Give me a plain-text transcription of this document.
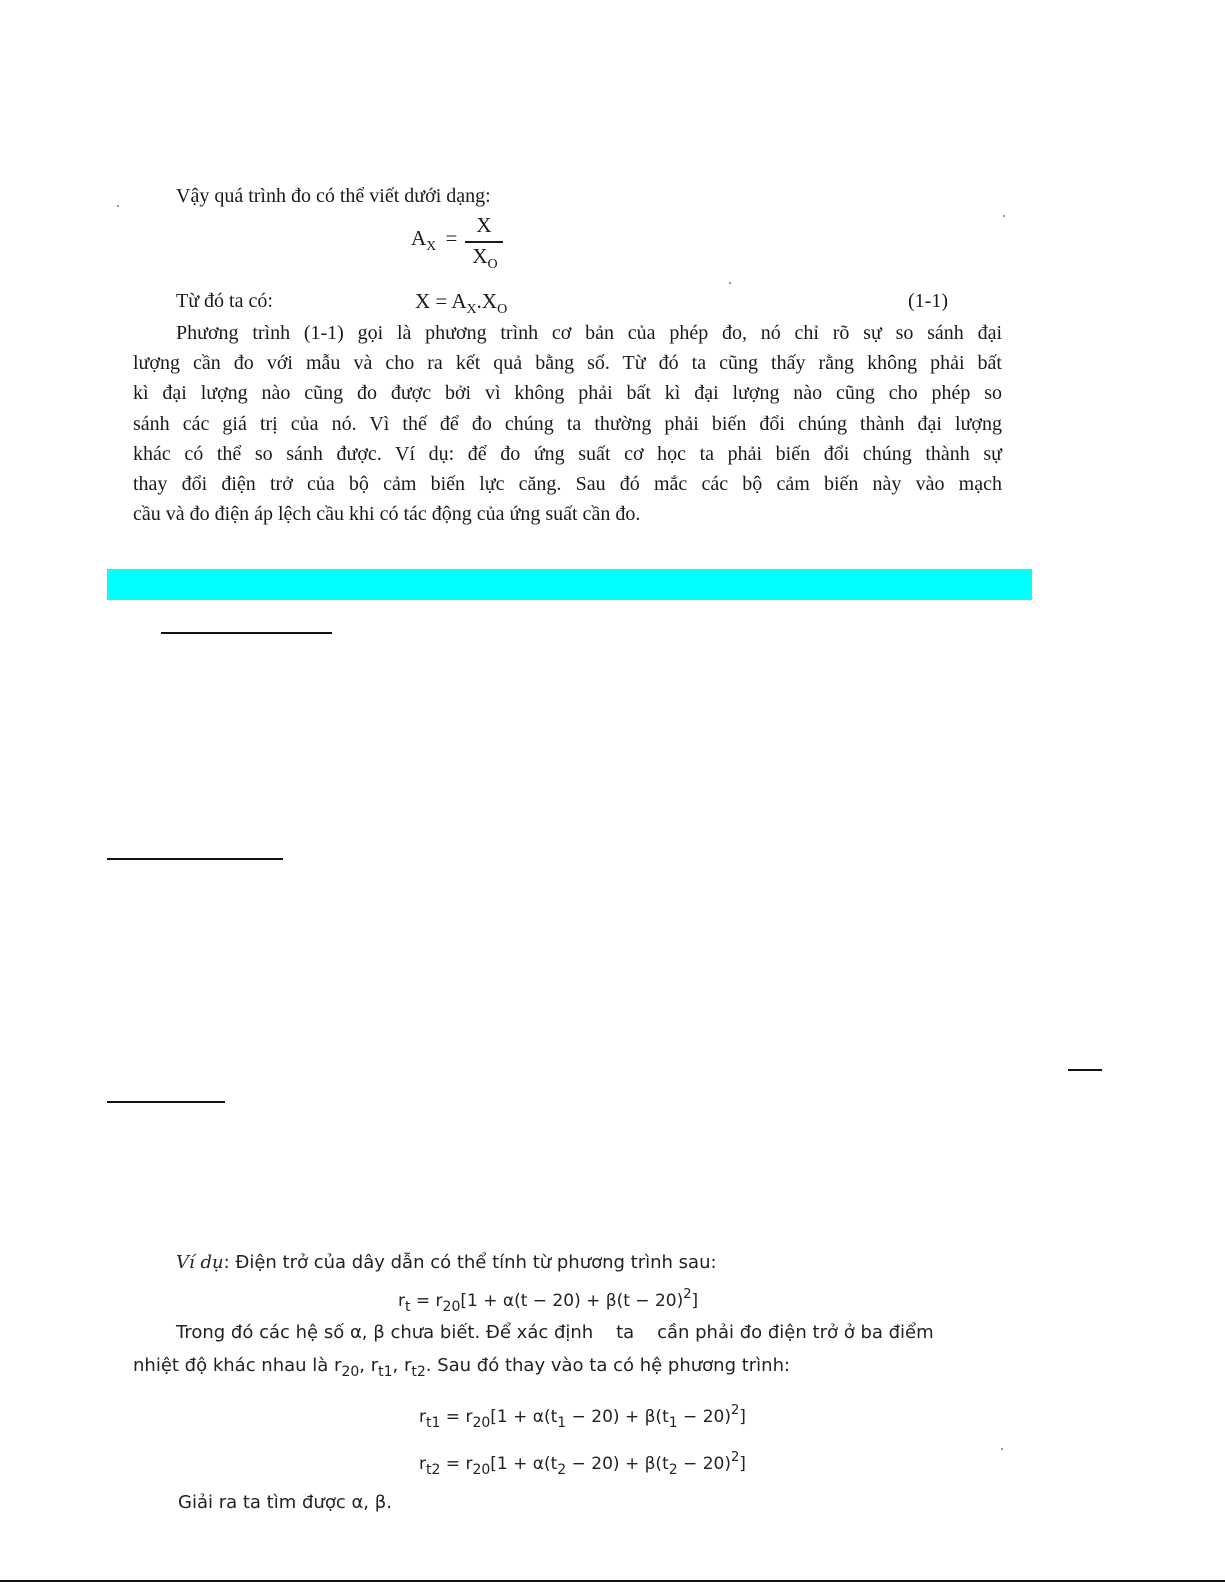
Vậy quá trình đo có thể viết dưới dạng:
$A_X$ =
X
$X_O$
Từ đó ta có:	$X = A_X.X_O$	(1-1)
Phương trình (1-1) gọi là phương trình cơ bản của phép đo, nó chỉ rõ sự so sánh đại
lượng cần đo với mẫu và cho ra kết quả bằng số. Từ đó ta cũng thấy rằng không phải bất
kì đại lượng nào cũng đo được bởi vì không phải bất kì đại lượng nào cũng cho phép so
sánh các giá trị của nó. Vì thế để đo chúng ta thường phải biến đổi chúng thành đại lượng
khác có thể so sánh được. Ví dụ: để đo ứng suất cơ học ta phải biến đổi chúng thành sự
thay đổi điện trở của bộ cảm biến lực căng. Sau đó mắc các bộ cảm biến này vào mạch
cầu và đo điện áp lệch cầu khi có tác động của ứng suất cần đo.
Ví dụ: Điện trở của dây dẫn có thể tính từ phương trình sau:
$r_t = r_{20}[1 + \alpha(t - 20) + \beta(t - 20)^2]$
Trong đó các hệ số α, β chưa biết. Để xác định    ta    cần phải đo điện trở ở ba điểm
nhiệt độ khác nhau là $r_{20}$, $r_{t1}$, $r_{t2}$. Sau đó thay vào ta có hệ phương trình:
$r_{t1} = r_{20}[1 + \alpha(t_1 - 20) + \beta(t_1 - 20)^2]$
$r_{t2} = r_{20}[1 + \alpha(t_2 - 20) + \beta(t_2 - 20)^2]$
Giải ra ta tìm được α, β.
